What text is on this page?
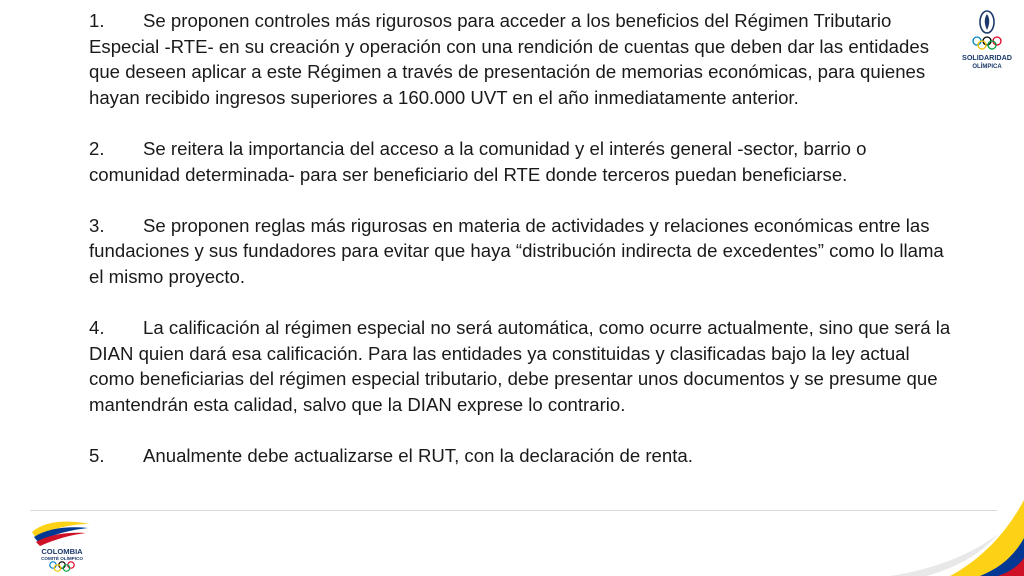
1. Se proponen controles más rigurosos para acceder a los beneficios del Régimen Tributario Especial -RTE- en su creación y operación con una rendición de cuentas que deben dar las entidades que deseen aplicar a este Régimen a través de presentación de memorias económicas, para quienes hayan recibido ingresos superiores a 160.000 UVT en el año inmediatamente anterior.
2. Se reitera la importancia del acceso a la comunidad y el interés general -sector, barrio o comunidad determinada- para ser beneficiario del RTE donde terceros puedan beneficiarse.
3. Se proponen reglas más rigurosas en materia de actividades y relaciones económicas entre las fundaciones y sus fundadores para evitar que haya “distribución indirecta de excedentes” como lo llama el mismo proyecto.
4. La calificación al régimen especial no será automática, como ocurre actualmente, sino que será la DIAN quien dará esa calificación. Para las entidades ya constituidas y clasificadas bajo la ley actual como beneficiarias del régimen especial tributario, debe presentar unos documentos y se presume que mantendrán esta calidad, salvo que la DIAN exprese lo contrario.
5. Anualmente debe actualizarse el RUT, con la declaración de renta.
SOLIDARIDAD
OLÍMPICA
COLOMBIA
COMITÉ OLÍMPICO
